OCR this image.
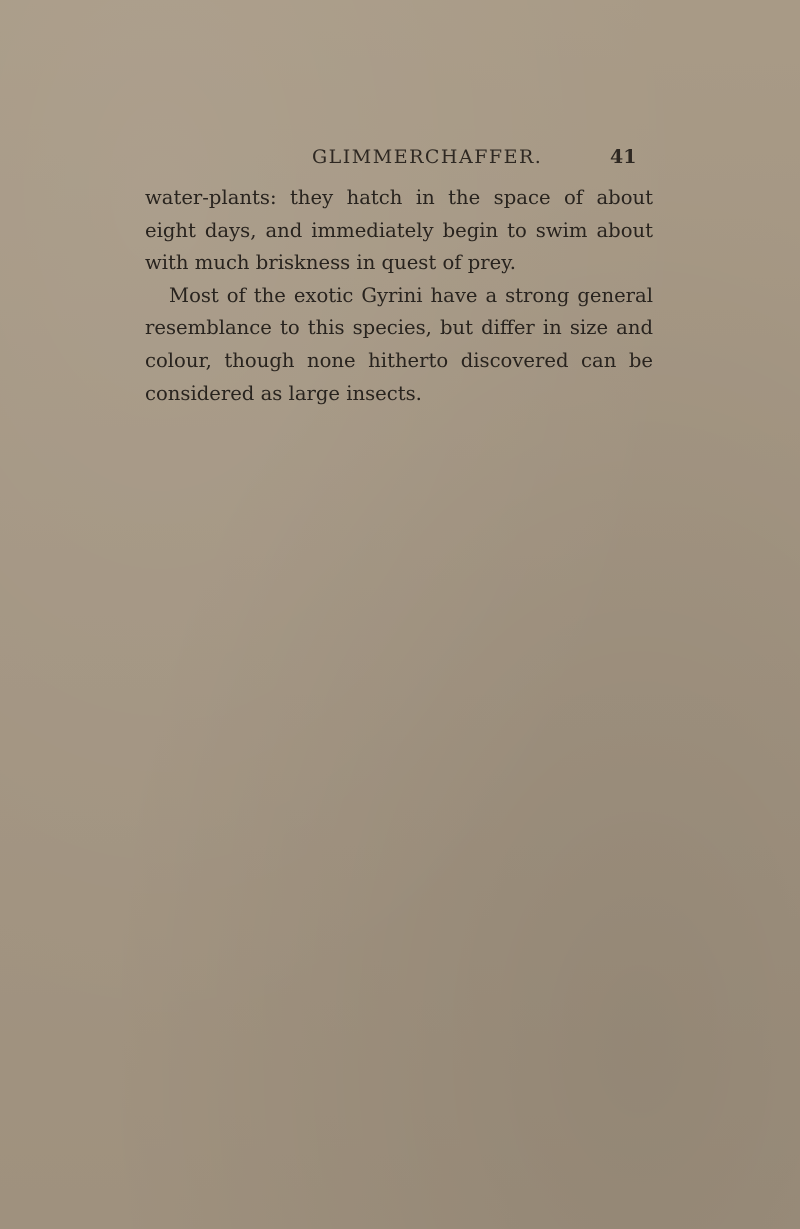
GLIMMERCHAFFER.	41
water-plants: they hatch in the space of about
eight days, and immediately begin to swim about
with much briskness in quest of prey.
Most of the exotic Gyrini have a strong general
resemblance to this species, but differ in size and
colour, though none hitherto discovered can be
considered as large insects.
